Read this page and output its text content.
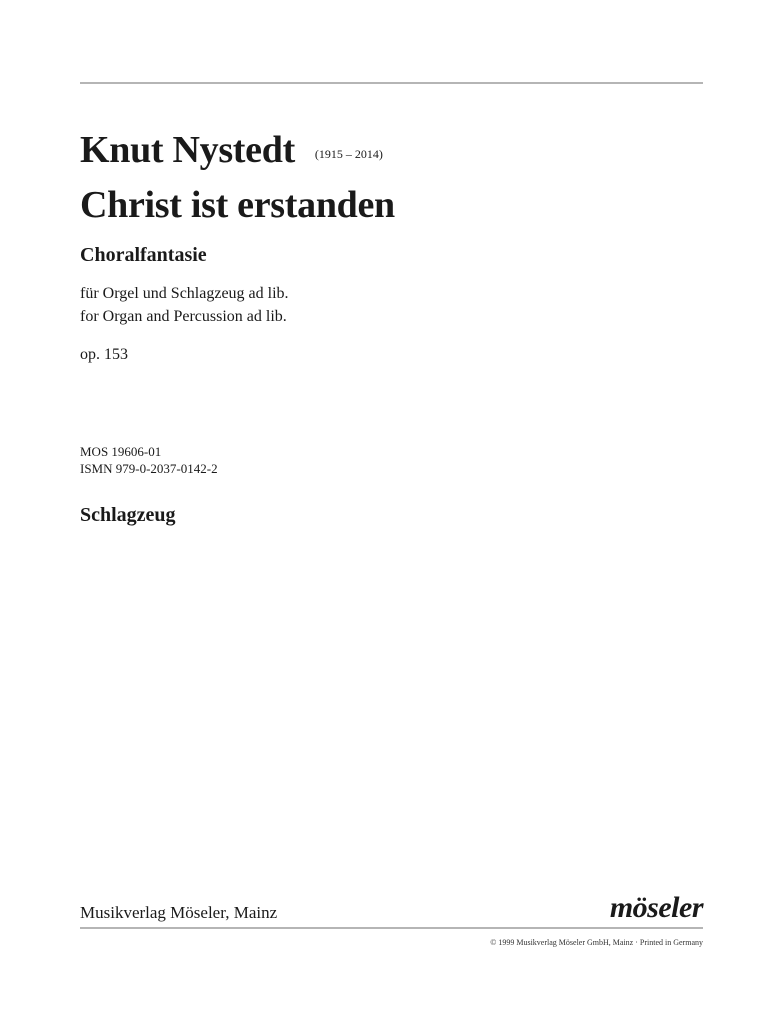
Knut Nystedt $^{(1915 - 2014)}$
Christ ist erstanden
Choralfantasie
für Orgel und Schlagzeug ad lib.
for Organ and Percussion ad lib.
op. 153
MOS 19606-01
ISMN 979-0-2037-0142-2
Schlagzeug
Musikverlag Möseler, Mainz	möseler
© 1999 Musikverlag Möseler GmbH, Mainz · Printed in Germany
